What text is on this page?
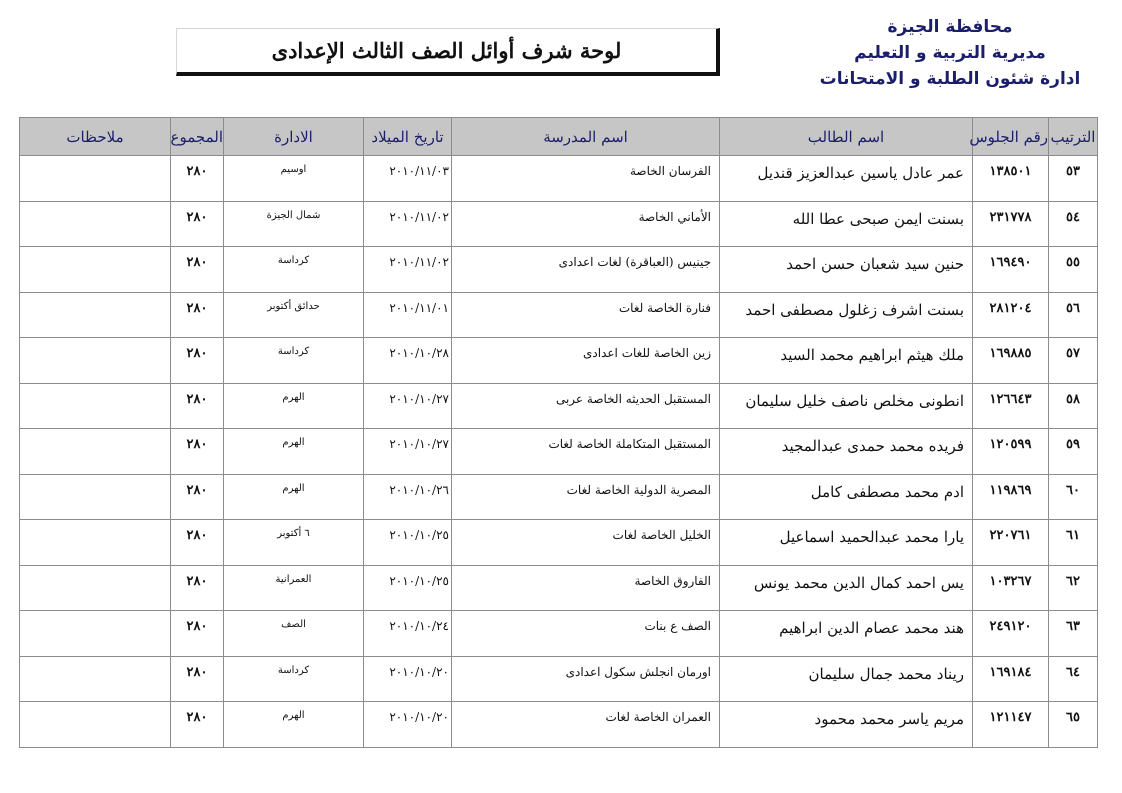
محافظة الجيزة
مديرية التربية و التعليم
ادارة شئون الطلبة و الامتحانات
لوحة شرف أوائل الصف الثالث الإعدادى
الترتيب	رقم الجلوس	اسم الطالب	اسم المدرسة	تاريخ الميلاد	الادارة	المجموع	ملاحظات
٥٣	١٣٨٥٠١	عمر عادل ياسين عبدالعزيز قنديل	الفرسان الخاصة	٢٠١٠/١١/٠٣	اوسيم	٢٨٠	
٥٤	٢٣١٧٧٨	بسنت ايمن صبحى عطا الله	الأماني الخاصة	٢٠١٠/١١/٠٢	شمال الجيزة	٢٨٠	
٥٥	١٦٩٤٩٠	حنين سيد شعبان حسن احمد	جينيس (العباقرة) لغات اعدادى	٢٠١٠/١١/٠٢	كرداسة	٢٨٠	
٥٦	٢٨١٢٠٤	بسنت اشرف زغلول مصطفى احمد	فنارة الخاصة لغات	٢٠١٠/١١/٠١	حدائق أكتوبر	٢٨٠	
٥٧	١٦٩٨٨٥	ملك هيثم ابراهيم محمد السيد	زين الخاصة للغات اعدادى	٢٠١٠/١٠/٢٨	كرداسة	٢٨٠	
٥٨	١٢٦٦٤٣	انطونى مخلص ناصف خليل سليمان	المستقبل الحديثه الخاصة عربى	٢٠١٠/١٠/٢٧	الهرم	٢٨٠	
٥٩	١٢٠٥٩٩	فريده محمد حمدى عبدالمجيد	المستقبل المتكاملة الخاصة لغات	٢٠١٠/١٠/٢٧	الهرم	٢٨٠	
٦٠	١١٩٨٦٩	ادم محمد مصطفى كامل	المصرية الدولية الخاصة لغات	٢٠١٠/١٠/٢٦	الهرم	٢٨٠	
٦١	٢٢٠٧٦١	يارا محمد عبدالحميد اسماعيل	الخليل الخاصة لغات	٢٠١٠/١٠/٢٥	٦ أكتوبر	٢٨٠	
٦٢	١٠٣٢٦٧	يس احمد كمال الدين محمد يونس	الفاروق الخاصة	٢٠١٠/١٠/٢٥	العمرانية	٢٨٠	
٦٣	٢٤٩١٢٠	هند محمد عصام الدين ابراهيم	الصف ع بنات	٢٠١٠/١٠/٢٤	الصف	٢٨٠	
٦٤	١٦٩١٨٤	ريناد محمد جمال سليمان	اورمان انجلش سكول اعدادى	٢٠١٠/١٠/٢٠	كرداسة	٢٨٠	
٦٥	١٢١١٤٧	مريم ياسر محمد محمود	العمران الخاصة لغات	٢٠١٠/١٠/٢٠	الهرم	٢٨٠	
